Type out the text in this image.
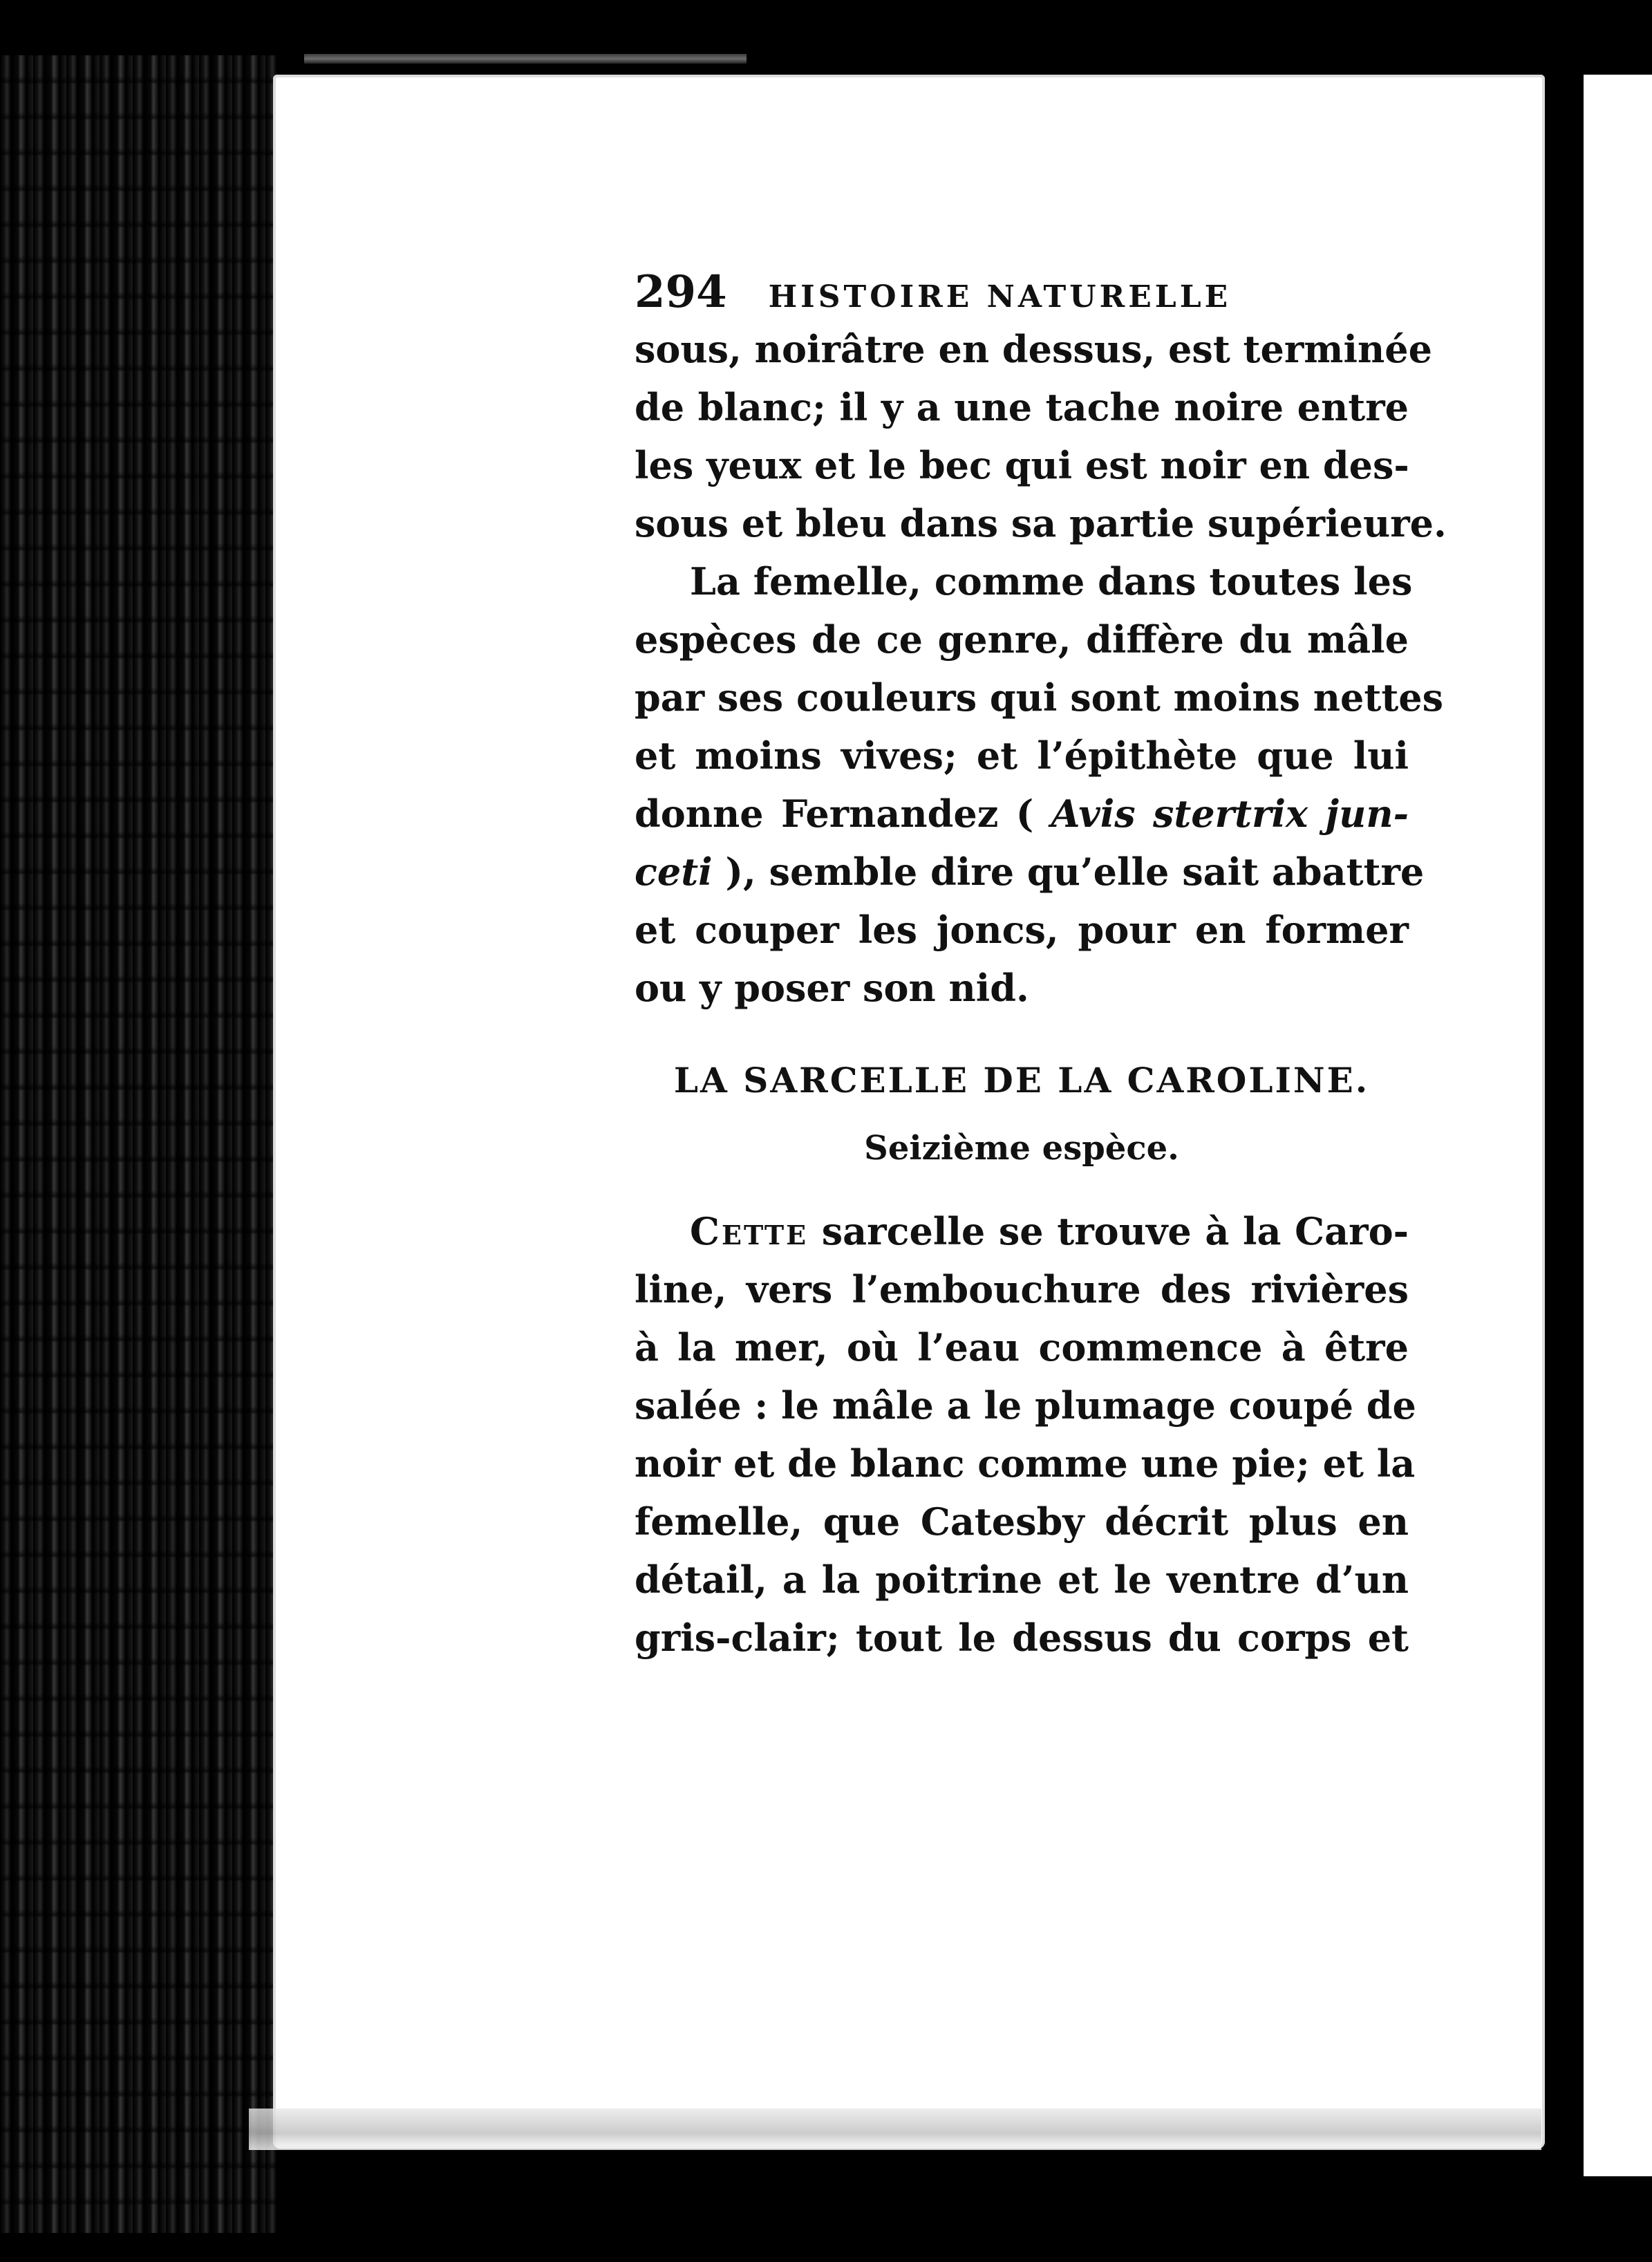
294 HISTOIRE NATURELLE
sous, noirâtre en dessus, est terminée
de blanc; il y a une tache noire entre
les yeux et le bec qui est noir en des-
sous et bleu dans sa partie supérieure.
La femelle, comme dans toutes les
espèces de ce genre, diffère du mâle
par ses couleurs qui sont moins nettes
et moins vives; et l’épithète que lui
donne Fernandez ( Avis stertrix jun-
ceti ), semble dire qu’elle sait abattre
et couper les joncs, pour en former
ou y poser son nid.
LA SARCELLE DE LA CAROLINE.
Seizième espèce.
Cette sarcelle se trouve à la Caro-
line, vers l’embouchure des rivières
à la mer, où l’eau commence à être
salée : le mâle a le plumage coupé de
noir et de blanc comme une pie; et la
femelle, que Catesby décrit plus en
détail, a la poitrine et le ventre d’un
gris-clair; tout le dessus du corps et
